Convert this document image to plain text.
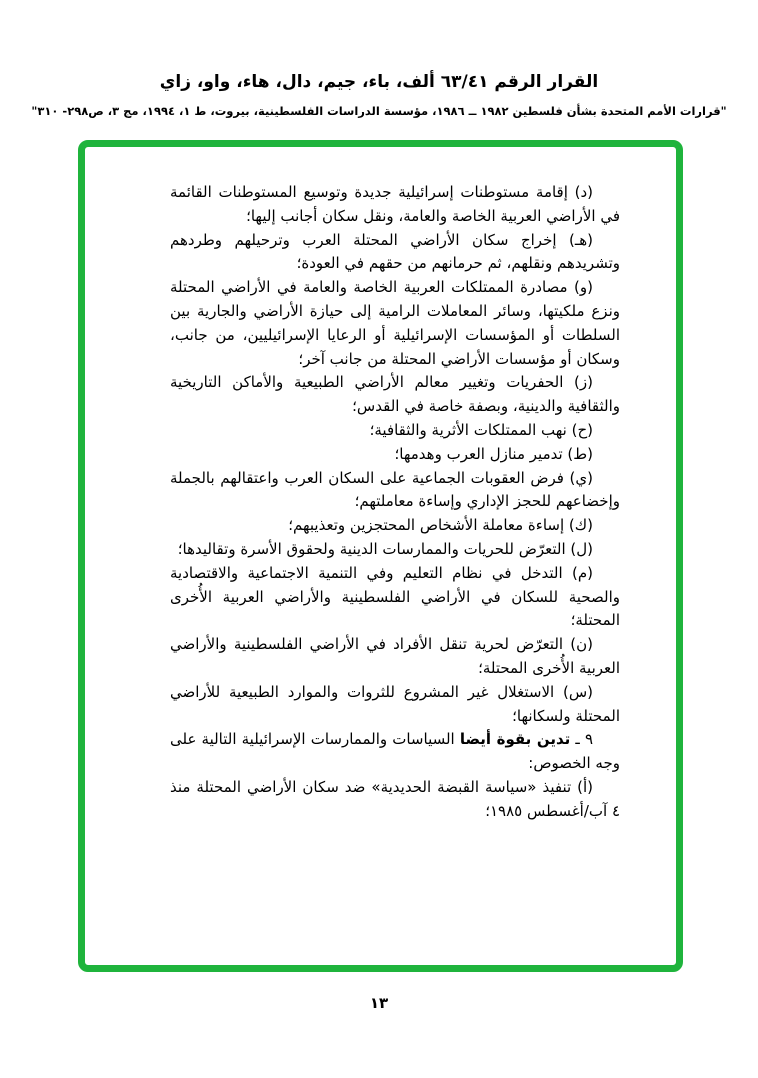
القرار الرقم ٦٣/٤١ ألف، باء، جيم، دال، هاء، واو، زاي
"قرارات الأمم المتحدة بشأن فلسطين ١٩٨٢ ــ ١٩٨٦، مؤسسة الدراسات الفلسطينية، بيروت، ط ١، ١٩٩٤، مج ٣، ص٢٩٨- ٣١٠"

(د) إقامة مستوطنات إسرائيلية جديدة وتوسيع المستوطنات القائمة في الأراضي العربية الخاصة والعامة، ونقل سكان أجانب إليها؛

(هـ) إخراج سكان الأراضي المحتلة العرب وترحيلهم وطردهم وتشريدهم ونقلهم، ثم حرمانهم من حقهم في العودة؛

(و) مصادرة الممتلكات العربية الخاصة والعامة في الأراضي المحتلة ونزع ملكيتها، وسائر المعاملات الرامية إلى حيازة الأراضي والجارية بين السلطات أو المؤسسات الإسرائيلية أو الرعايا الإسرائيليين، من جانب، وسكان أو مؤسسات الأراضي المحتلة من جانب آخر؛

(ز) الحفريات وتغيير معالم الأراضي الطبيعية والأماكن التاريخية والثقافية والدينية، وبصفة خاصة في القدس؛

(ح) نهب الممتلكات الأثرية والثقافية؛

(ط) تدمير منازل العرب وهدمها؛

(ي) فرض العقوبات الجماعية على السكان العرب واعتقالهم بالجملة وإخضاعهم للحجز الإداري وإساءة معاملتهم؛

(ك) إساءة معاملة الأشخاص المحتجزين وتعذيبهم؛

(ل) التعرّض للحريات والممارسات الدينية ولحقوق الأسرة وتقاليدها؛

(م) التدخل في نظام التعليم وفي التنمية الاجتماعية والاقتصادية والصحية للسكان في الأراضي الفلسطينية والأراضي العربية الأُخرى المحتلة؛

(ن) التعرّض لحرية تنقل الأفراد في الأراضي الفلسطينية والأراضي العربية الأُخرى المحتلة؛

(س) الاستغلال غير المشروع للثروات والموارد الطبيعية للأراضي المحتلة ولسكانها؛

٩ ـ تدين بقوة أيضا السياسات والممارسات الإسرائيلية التالية على وجه الخصوص:

(أ) تنفيذ «سياسة القبضة الحديدية» ضد سكان الأراضي المحتلة منذ ٤ آب/أغسطس ١٩٨٥؛

١٣
